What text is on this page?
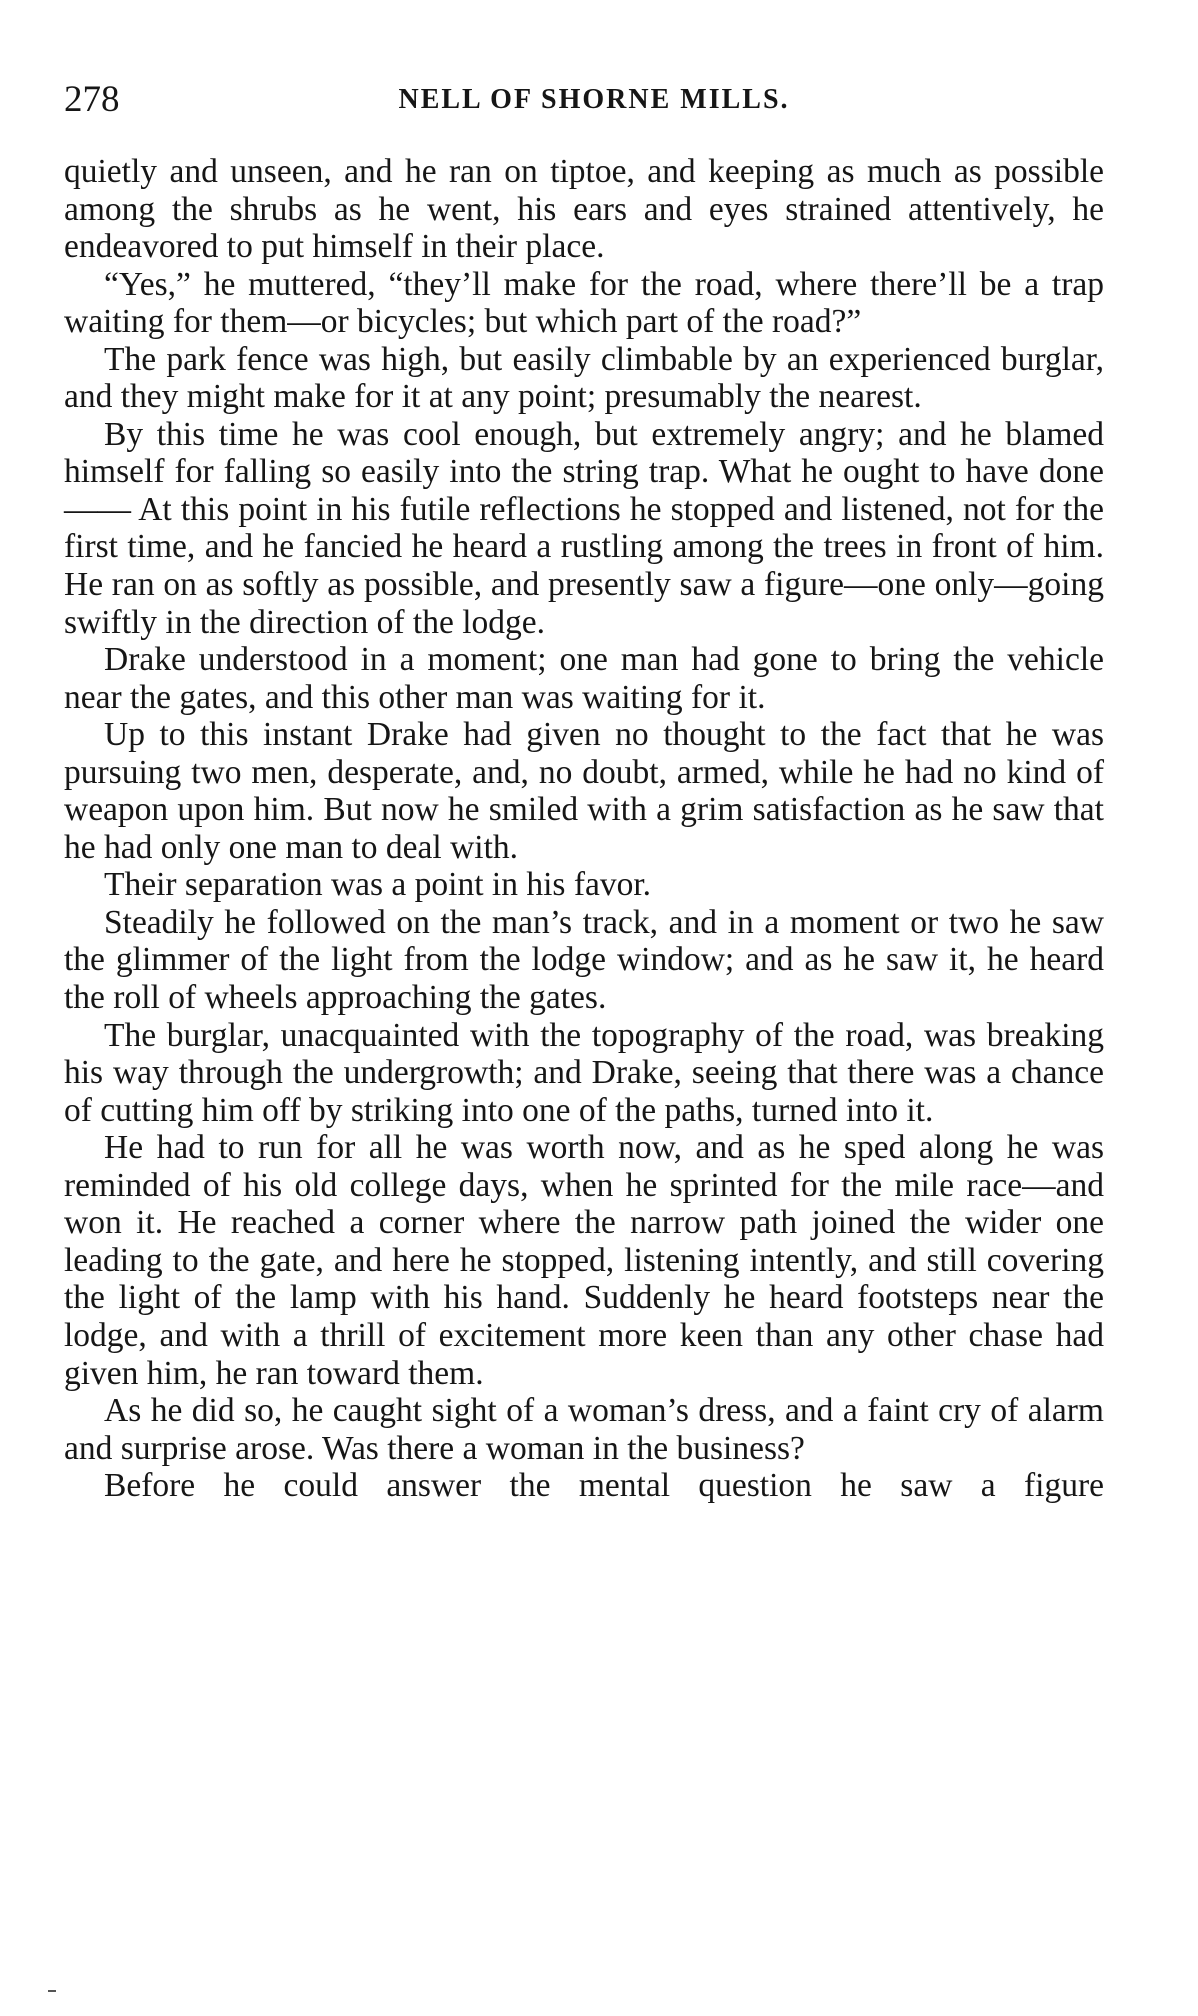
278	NELL OF SHORNE MILLS.

quietly and unseen, and he ran on tiptoe, and keeping as much as possible among the shrubs as he went, his ears and eyes strained attentively, he endeavored to put himself in their place.

“Yes,” he muttered, “they’ll make for the road, where there’ll be a trap waiting for them—or bicycles; but which part of the road?”

The park fence was high, but easily climbable by an experienced burglar, and they might make for it at any point; presumably the nearest.

By this time he was cool enough, but extremely angry; and he blamed himself for falling so easily into the string trap. What he ought to have done—— At this point in his futile reflections he stopped and listened, not for the first time, and he fancied he heard a rustling among the trees in front of him. He ran on as softly as possible, and presently saw a figure—one only—going swiftly in the direction of the lodge.

Drake understood in a moment; one man had gone to bring the vehicle near the gates, and this other man was waiting for it.

Up to this instant Drake had given no thought to the fact that he was pursuing two men, desperate, and, no doubt, armed, while he had no kind of weapon upon him. But now he smiled with a grim satisfaction as he saw that he had only one man to deal with.

Their separation was a point in his favor.

Steadily he followed on the man’s track, and in a moment or two he saw the glimmer of the light from the lodge window; and as he saw it, he heard the roll of wheels approaching the gates.

The burglar, unacquainted with the topography of the road, was breaking his way through the undergrowth; and Drake, seeing that there was a chance of cutting him off by striking into one of the paths, turned into it.

He had to run for all he was worth now, and as he sped along he was reminded of his old college days, when he sprinted for the mile race—and won it. He reached a corner where the narrow path joined the wider one leading to the gate, and here he stopped, listening intently, and still covering the light of the lamp with his hand. Suddenly he heard footsteps near the lodge, and with a thrill of excitement more keen than any other chase had given him, he ran toward them.

As he did so, he caught sight of a woman’s dress, and a faint cry of alarm and surprise arose. Was there a woman in the business?

Before he could answer the mental question he saw a figure
